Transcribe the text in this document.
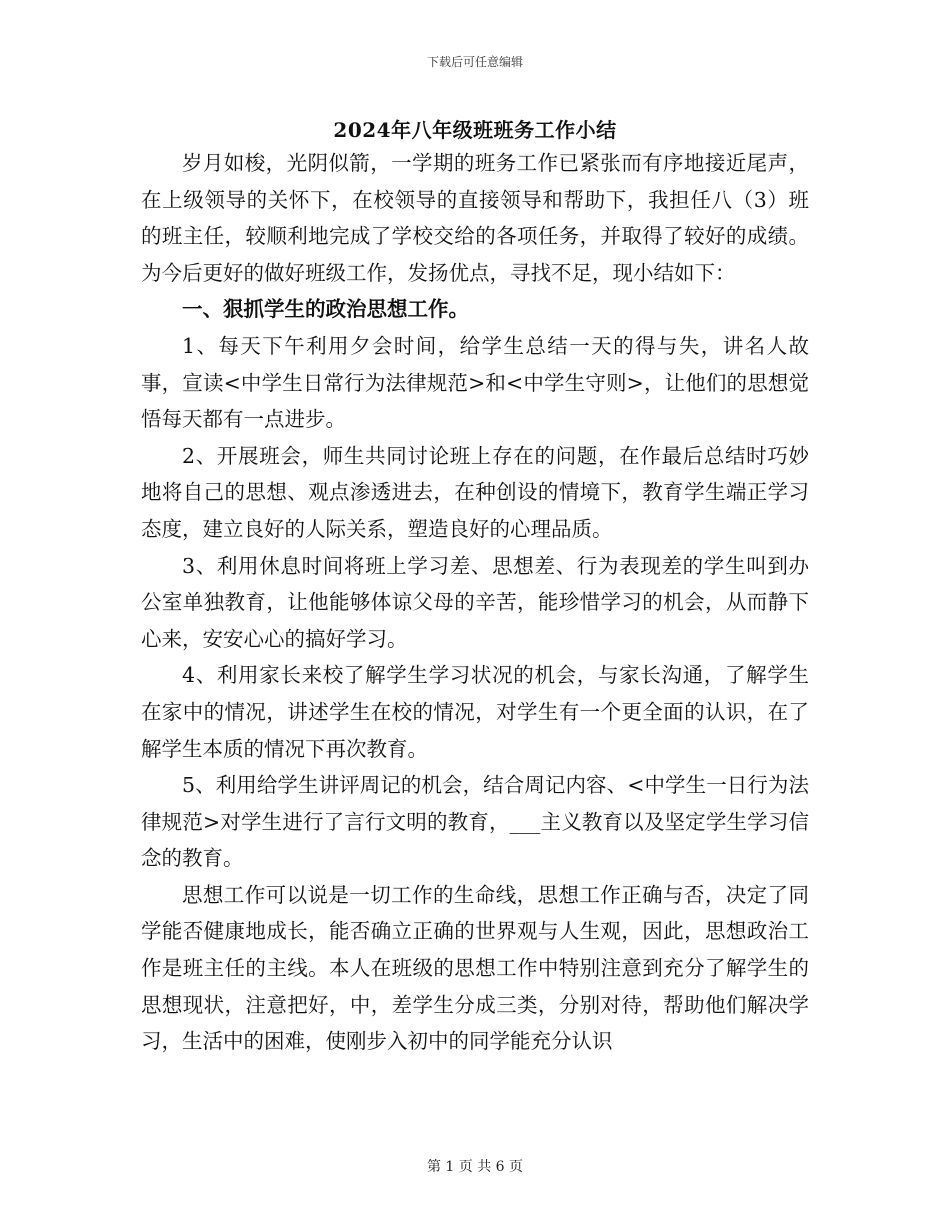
下载后可任意编辑
2024年八年级班班务工作小结

岁月如梭，光阴似箭，一学期的班务工作已紧张而有序地接近尾声，在上级领导的关怀下，在校领导的直接领导和帮助下，我担任八（3）班的班主任，较顺利地完成了学校交给的各项任务，并取得了较好的成绩。为今后更好的做好班级工作，发扬优点，寻找不足，现小结如下：

一、狠抓学生的政治思想工作。

1、每天下午利用夕会时间，给学生总结一天的得与失，讲名人故事，宣读<中学生日常行为法律规范>和<中学生守则>，让他们的思想觉悟每天都有一点进步。

2、开展班会，师生共同讨论班上存在的问题，在作最后总结时巧妙地将自己的思想、观点渗透进去，在种创设的情境下，教育学生端正学习态度，建立良好的人际关系，塑造良好的心理品质。

3、利用休息时间将班上学习差、思想差、行为表现差的学生叫到办公室单独教育，让他能够体谅父母的辛苦，能珍惜学习的机会，从而静下心来，安安心心的搞好学习。

4、利用家长来校了解学生学习状况的机会，与家长沟通，了解学生在家中的情况，讲述学生在校的情况，对学生有一个更全面的认识，在了解学生本质的情况下再次教育。

5、利用给学生讲评周记的机会，结合周记内容、<中学生一日行为法律规范>对学生进行了言行文明的教育，___主义教育以及坚定学生学习信念的教育。

思想工作可以说是一切工作的生命线，思想工作正确与否，决定了同学能否健康地成长，能否确立正确的世界观与人生观，因此，思想政治工作是班主任的主线。本人在班级的思想工作中特别注意到充分了解学生的思想现状，注意把好，中，差学生分成三类，分别对待，帮助他们解决学习，生活中的困难，使刚步入初中的同学能充分认识

第 1 页 共 6 页
